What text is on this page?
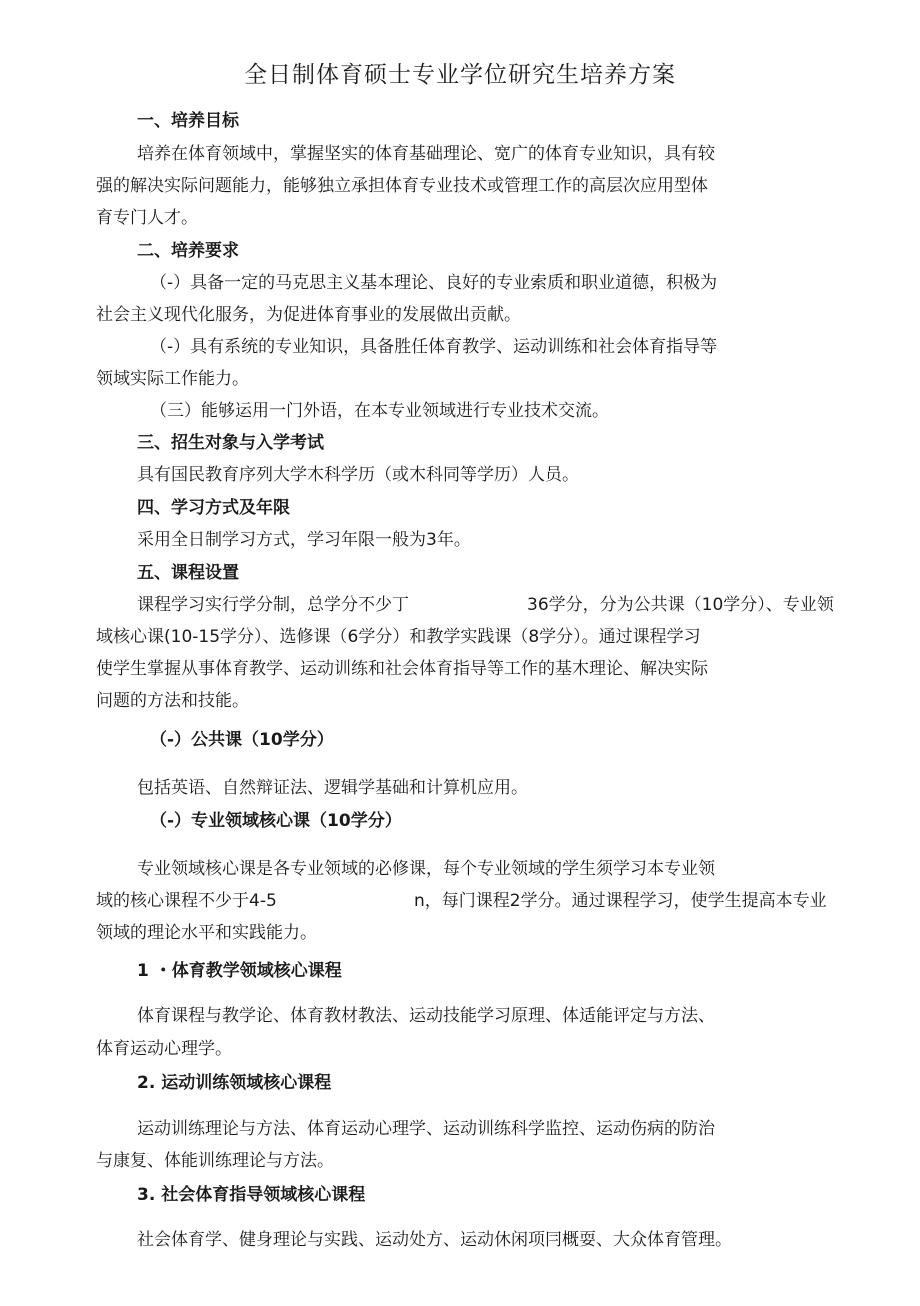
全日制体育硕士专业学位研究生培养方案
一、培养目标
培养在体育领域中，掌握坚实的体育基础理论、宽广的体育专业知识，具有较
强的解决实际问题能力，能够独立承担体育专业技术或管理工作的高层次应用型体
育专门人才。
二、培养要求
（-）具备一定的马克思主义基本理论、良好的专业索质和职业道德，积极为
社会主义现代化服务，为促进体育事业的发展做出贡献。
（-）具有系统的专业知识，具备胜任体育教学、运动训练和社会体育指导等
领域实际工作能力。
（三）能够运用一门外语，在本专业领域进行专业技术交流。
三、招生对象与入学考试
具有国民教育序列大学木科学历（或木科同等学历）人员。
四、学习方式及年限
采用全日制学习方式，学习年限一般为3年。
五、课程设置
课程学习实行学分制，总学分不少丁	36学分，分为公共课（10学分）、专业领
域核心课(10-15学分）、选修课（6学分）和教学实践课（8学分）。通过课程学习
使学生掌握从事体育教学、运动训练和社会体育指导等工作的基木理论、解决实际
问题的方法和技能。
（-）公共课（10学分）
包括英语、自然辩证法、逻辑学基础和计算机应用。
（-）专业领域核心课（10学分）
专业领域核心课是各专业领域的必修课，每个专业领域的学生须学习本专业领
域的核心课程不少于4-5	n，每门课程2学分。通过课程学习，使学生提高本专业
领域的理论水平和实践能力。
1 ・体育教学领域核心课程
体育课程与教学论、体育教材教法、运动技能学习原理、体适能评定与方法、
体育运动心理学。
2. 运动训练领域核心课程
运动训练理论与方法、体育运动心理学、运动训练科学监控、运动伤病的防治
与康复、体能训练理论与方法。
3. 社会体育指导领域核心课程
社会体育学、健身理论与实践、运动处方、运动休闲项冃概耍、大众体育管理。
